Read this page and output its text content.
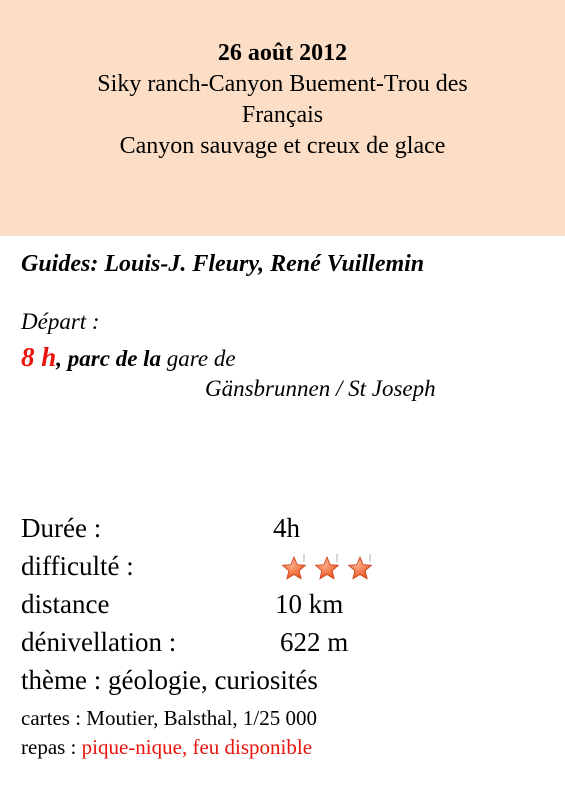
26 août 2012
Siky ranch-Canyon Buement-Trou des
Français
Canyon sauvage et creux de glace
Guides: Louis-J. Fleury, René Vuillemin
Départ :
8 h, parc de la gare de
Gänsbrunnen / St Joseph
Durée :	4h
difficulté :
distance	10 km
dénivellation :	622 m
thème : géologie, curiosités
cartes : Moutier, Balsthal, 1/25 000
repas : pique-nique, feu disponible
